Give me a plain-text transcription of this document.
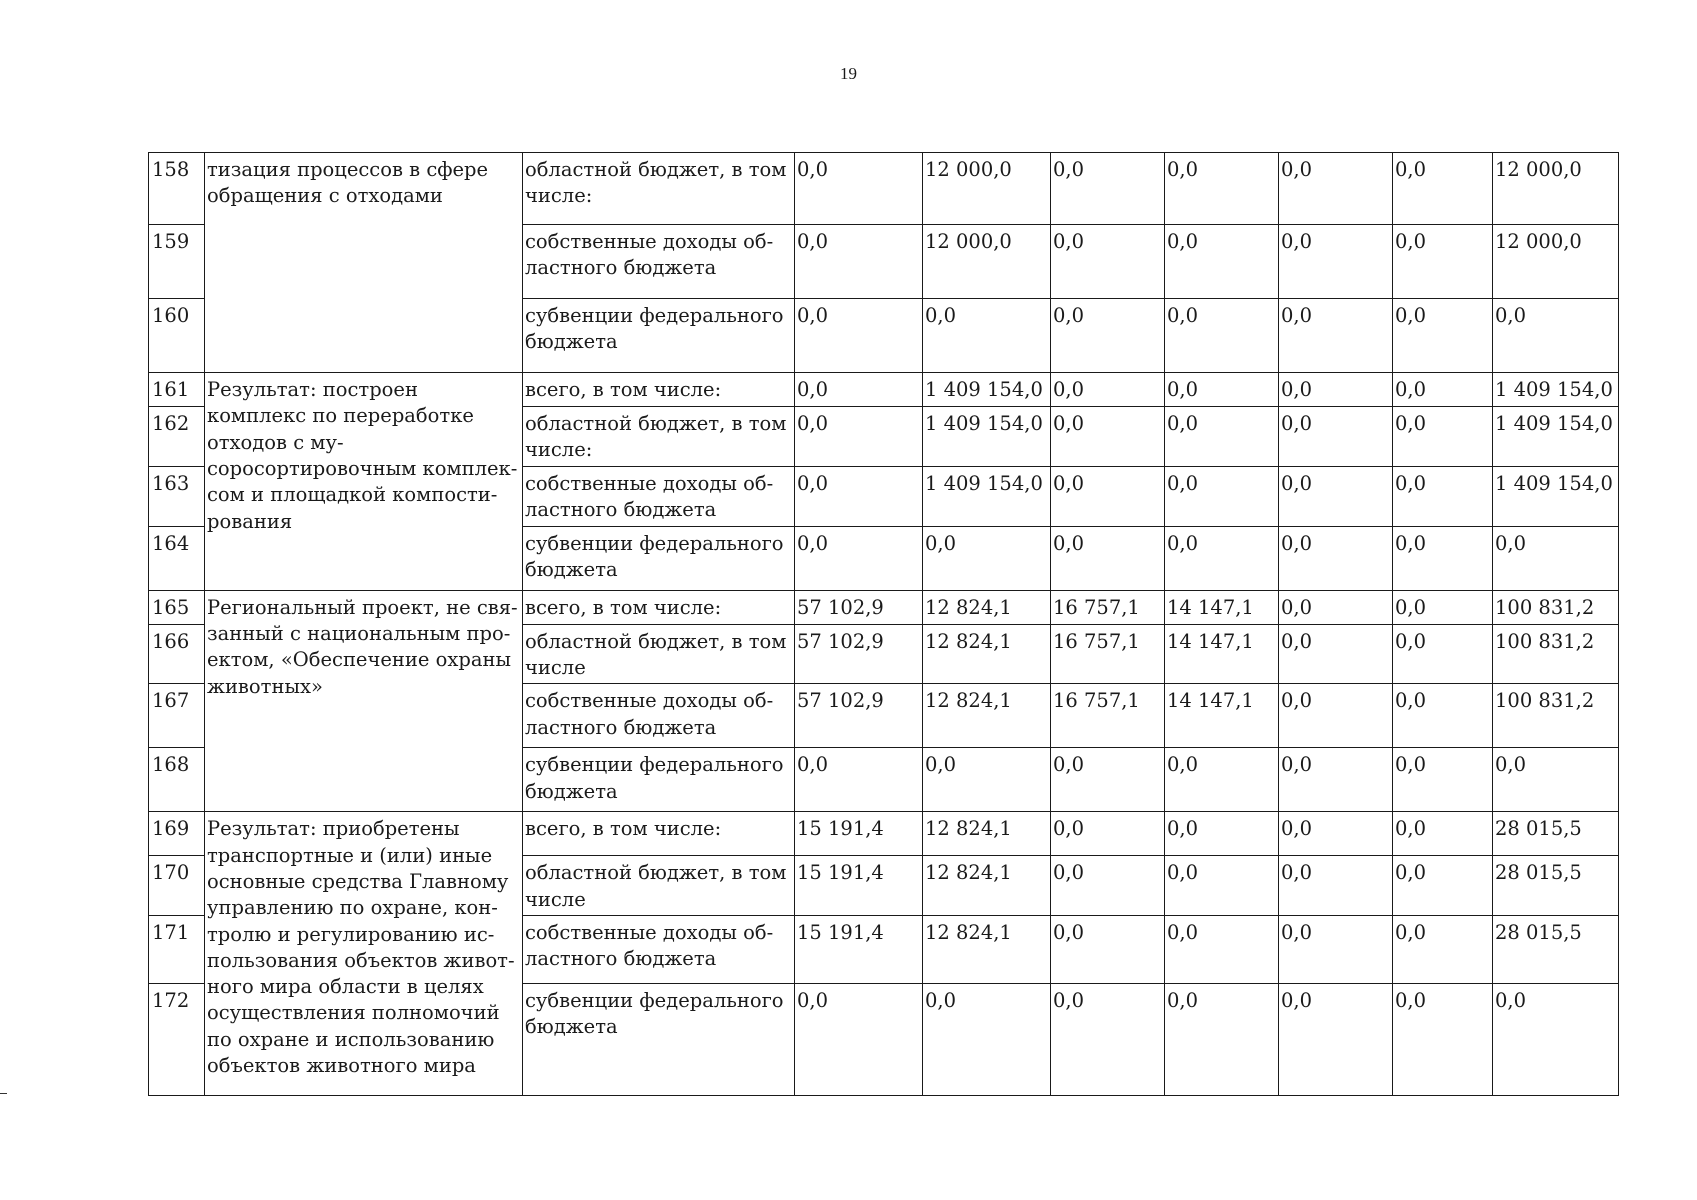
19
158	тизация процессов в сфере обращения с отходами	областной бюджет, в том числе:	0,0	12 000,0	0,0	0,0	0,0	0,0	12 000,0
159		собственные доходы об-ластного бюджета	0,0	12 000,0	0,0	0,0	0,0	0,0	12 000,0
160		субвенции федерального бюджета	0,0	0,0	0,0	0,0	0,0	0,0	0,0
161	Результат: построен комплекс по переработке отходов с му-соросортировочным комплек-сом и площадкой компости-рования	всего, в том числе:	0,0	1 409 154,0	0,0	0,0	0,0	0,0	1 409 154,0
162		областной бюджет, в том числе:	0,0	1 409 154,0	0,0	0,0	0,0	0,0	1 409 154,0
163		собственные доходы об-ластного бюджета	0,0	1 409 154,0	0,0	0,0	0,0	0,0	1 409 154,0
164		субвенции федерального бюджета	0,0	0,0	0,0	0,0	0,0	0,0	0,0
165	Региональный проект, не свя-занный с национальным про-ектом, «Обеспечение охраны животных»	всего, в том числе:	57 102,9	12 824,1	16 757,1	14 147,1	0,0	0,0	100 831,2
166		областной бюджет, в том числе	57 102,9	12 824,1	16 757,1	14 147,1	0,0	0,0	100 831,2
167		собственные доходы об-ластного бюджета	57 102,9	12 824,1	16 757,1	14 147,1	0,0	0,0	100 831,2
168		субвенции федерального бюджета	0,0	0,0	0,0	0,0	0,0	0,0	0,0
169	Результат: приобретены транспортные и (или) иные основные средства Главному управлению по охране, кон-тролю и регулированию ис-пользования объектов живот-ного мира области в целях осуществления полномочий по охране и использованию объектов животного мира	всего, в том числе:	15 191,4	12 824,1	0,0	0,0	0,0	0,0	28 015,5
170		областной бюджет, в том числе	15 191,4	12 824,1	0,0	0,0	0,0	0,0	28 015,5
171		собственные доходы об-ластного бюджета	15 191,4	12 824,1	0,0	0,0	0,0	0,0	28 015,5
172		субвенции федерального бюджета	0,0	0,0	0,0	0,0	0,0	0,0	0,0
